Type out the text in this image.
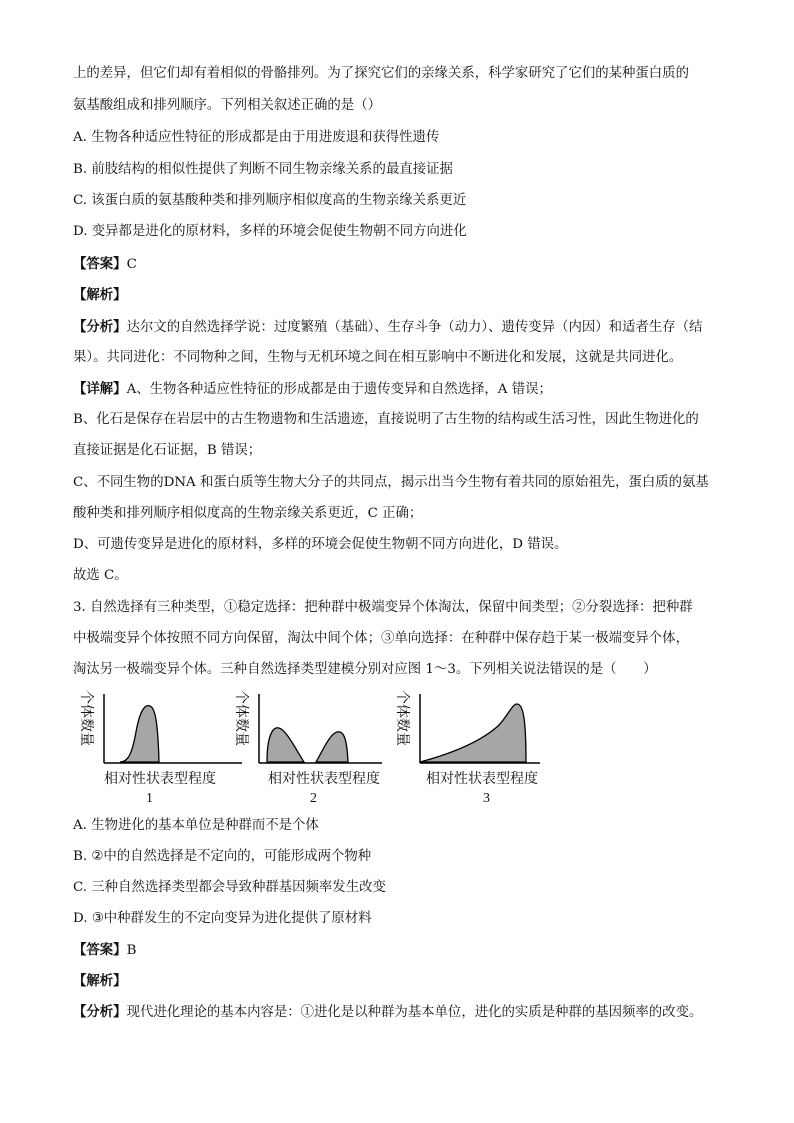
上的差异，但它们却有着相似的骨骼排列。为了探究它们的亲缘关系，科学家研究了它们的某种蛋白质的
氨基酸组成和排列顺序。下列相关叙述正确的是（）
A. 生物各种适应性特征的形成都是由于用进废退和获得性遗传
B. 前肢结构的相似性提供了判断不同生物亲缘关系的最直接证据
C. 该蛋白质的氨基酸种类和排列顺序相似度高的生物亲缘关系更近
D. 变异都是进化的原材料，多样的环境会促使生物朝不同方向进化
【答案】C
【解析】
【分析】达尔文的自然选择学说：过度繁殖（基础）、生存斗争（动力）、遗传变异（内因）和适者生存（结
果）。共同进化：不同物种之间，生物与无机环境之间在相互影响中不断进化和发展，这就是共同进化。
【详解】A、生物各种适应性特征的形成都是由于遗传变异和自然选择，A 错误；
B、化石是保存在岩层中的古生物遗物和生活遗迹，直接说明了古生物的结构或生活习性，因此生物进化的
直接证据是化石证据，B 错误；
C、不同生物的DNA 和蛋白质等生物大分子的共同点，揭示出当今生物有着共同的原始祖先，蛋白质的氨基
酸种类和排列顺序相似度高的生物亲缘关系更近，C 正确；
D、可遗传变异是进化的原材料，多样的环境会促使生物朝不同方向进化，D 错误。
故选 C。
3. 自然选择有三种类型，①稳定选择：把种群中极端变异个体淘汰，保留中间类型；②分裂选择：把种群
中极端变异个体按照不同方向保留，淘汰中间个体；③单向选择：在种群中保存趋于某一极端变异个体，
淘汰另一极端变异个体。三种自然选择类型建模分别对应图 1～3。下列相关说法错误的是（　　）
个体数量
相对性状表型程度
1
个体数量
相对性状表型程度
2
个体数量
相对性状表型程度
3
A. 生物进化的基本单位是种群而不是个体
B. ②中的自然选择是不定向的，可能形成两个物种
C. 三种自然选择类型都会导致种群基因频率发生改变
D. ③中种群发生的不定向变异为进化提供了原材料
【答案】B
【解析】
【分析】现代进化理论的基本内容是：①进化是以种群为基本单位，进化的实质是种群的基因频率的改变。
